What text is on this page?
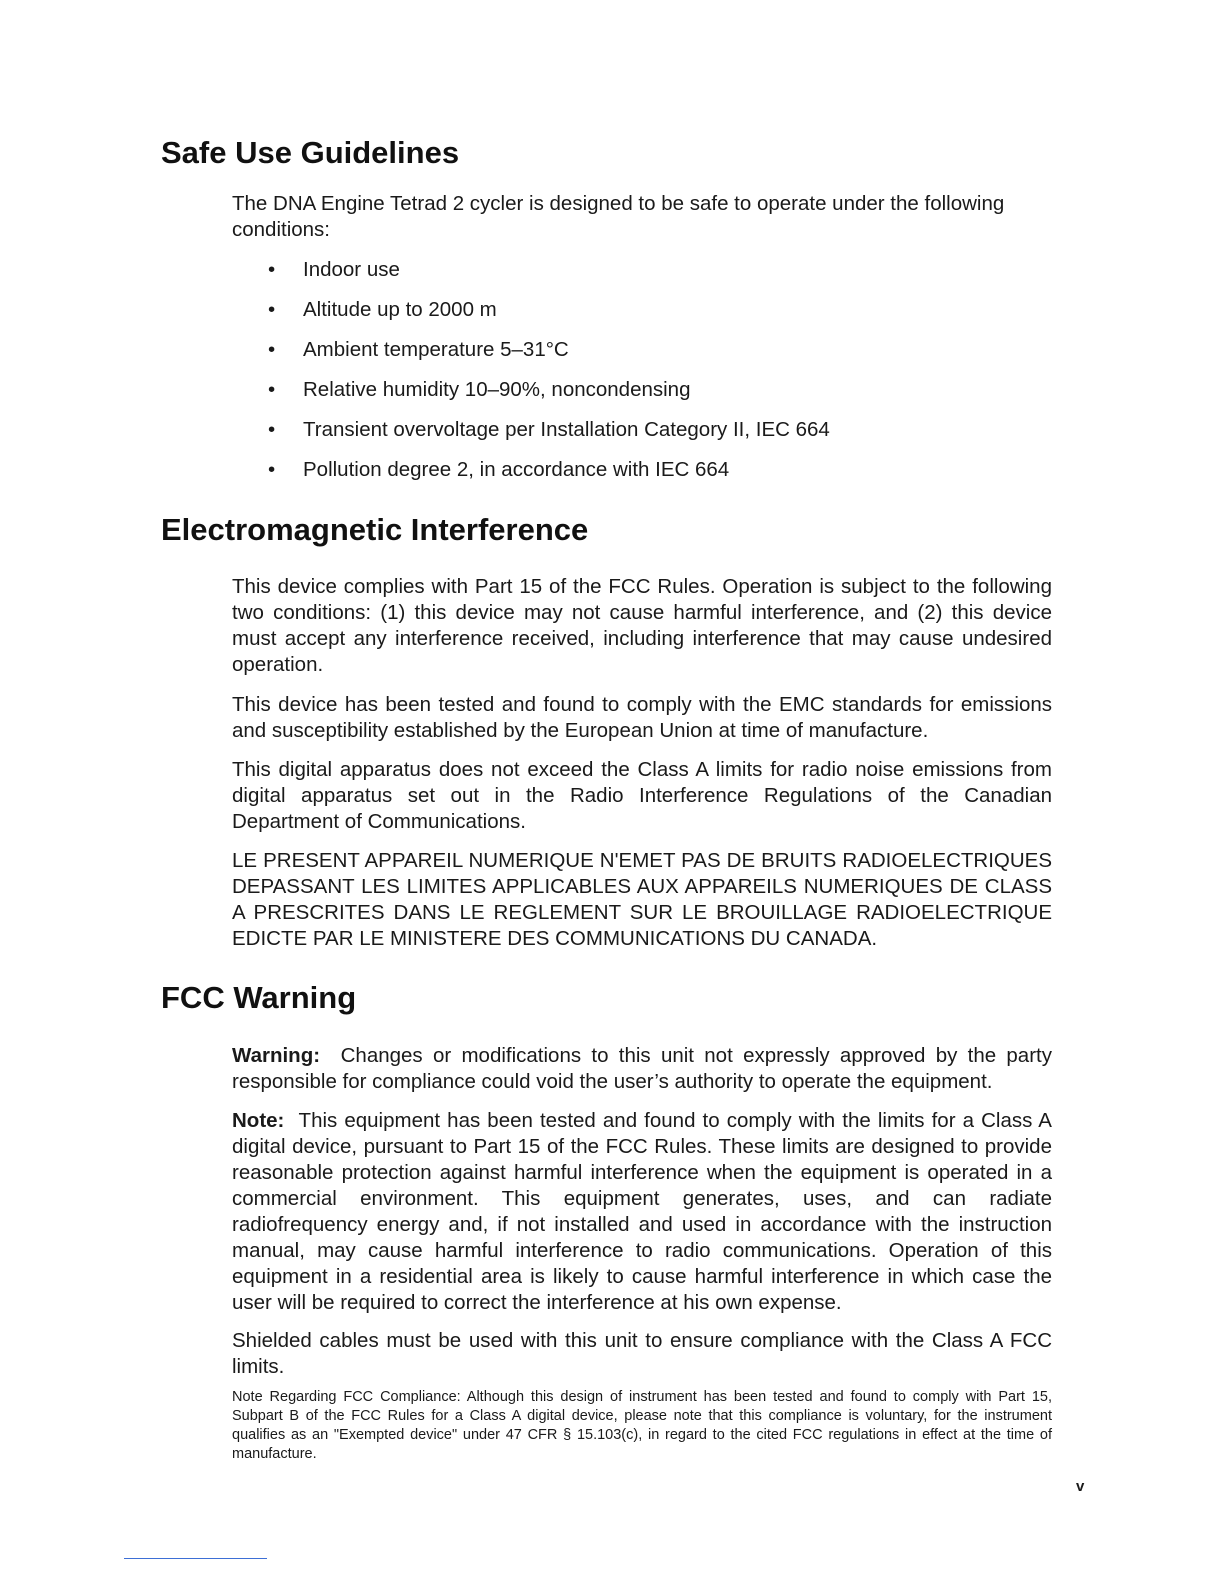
Safe Use Guidelines

The DNA Engine Tetrad 2 cycler is designed to be safe to operate under the following conditions:

• Indoor use
• Altitude up to 2000 m
• Ambient temperature 5–31°C
• Relative humidity 10–90%, noncondensing
• Transient overvoltage per Installation Category II, IEC 664
• Pollution degree 2, in accordance with IEC 664
Electromagnetic Interference

This device complies with Part 15 of the FCC Rules. Operation is subject to the following two conditions: (1) this device may not cause harmful interference, and (2) this device must accept any interference received, including interference that may cause undesired operation.

This device has been tested and found to comply with the EMC standards for emissions and susceptibility established by the European Union at time of manufacture.

This digital apparatus does not exceed the Class A limits for radio noise emissions from digital apparatus set out in the Radio Interference Regulations of the Canadian Department of Communications.

LE PRESENT APPAREIL NUMERIQUE N'EMET PAS DE BRUITS RADIOELECTRIQUES DEPASSANT LES LIMITES APPLICABLES AUX APPAREILS NUMERIQUES DE CLASS A PRESCRITES DANS LE REGLEMENT SUR LE BROUILLAGE RADIOELECTRIQUE EDICTE PAR LE MINISTERE DES COMMUNICATIONS DU CANADA.

FCC Warning

Warning: Changes or modifications to this unit not expressly approved by the party responsible for compliance could void the user’s authority to operate the equipment.

Note: This equipment has been tested and found to comply with the limits for a Class A digital device, pursuant to Part 15 of the FCC Rules. These limits are designed to provide reasonable protection against harmful interference when the equipment is operated in a commercial environment. This equipment generates, uses, and can radiate radiofrequency energy and, if not installed and used in accordance with the instruction manual, may cause harmful interference to radio communications. Operation of this equipment in a residential area is likely to cause harmful interference in which case the user will be required to correct the interference at his own expense.

Shielded cables must be used with this unit to ensure compliance with the Class A FCC limits.

Note Regarding FCC Compliance: Although this design of instrument has been tested and found to comply with Part 15, Subpart B of the FCC Rules for a Class A digital device, please note that this compliance is voluntary, for the instrument qualifies as an "Exempted device" under 47 CFR § 15.103(c), in regard to the cited FCC regulations in effect at the time of manufacture.

v
